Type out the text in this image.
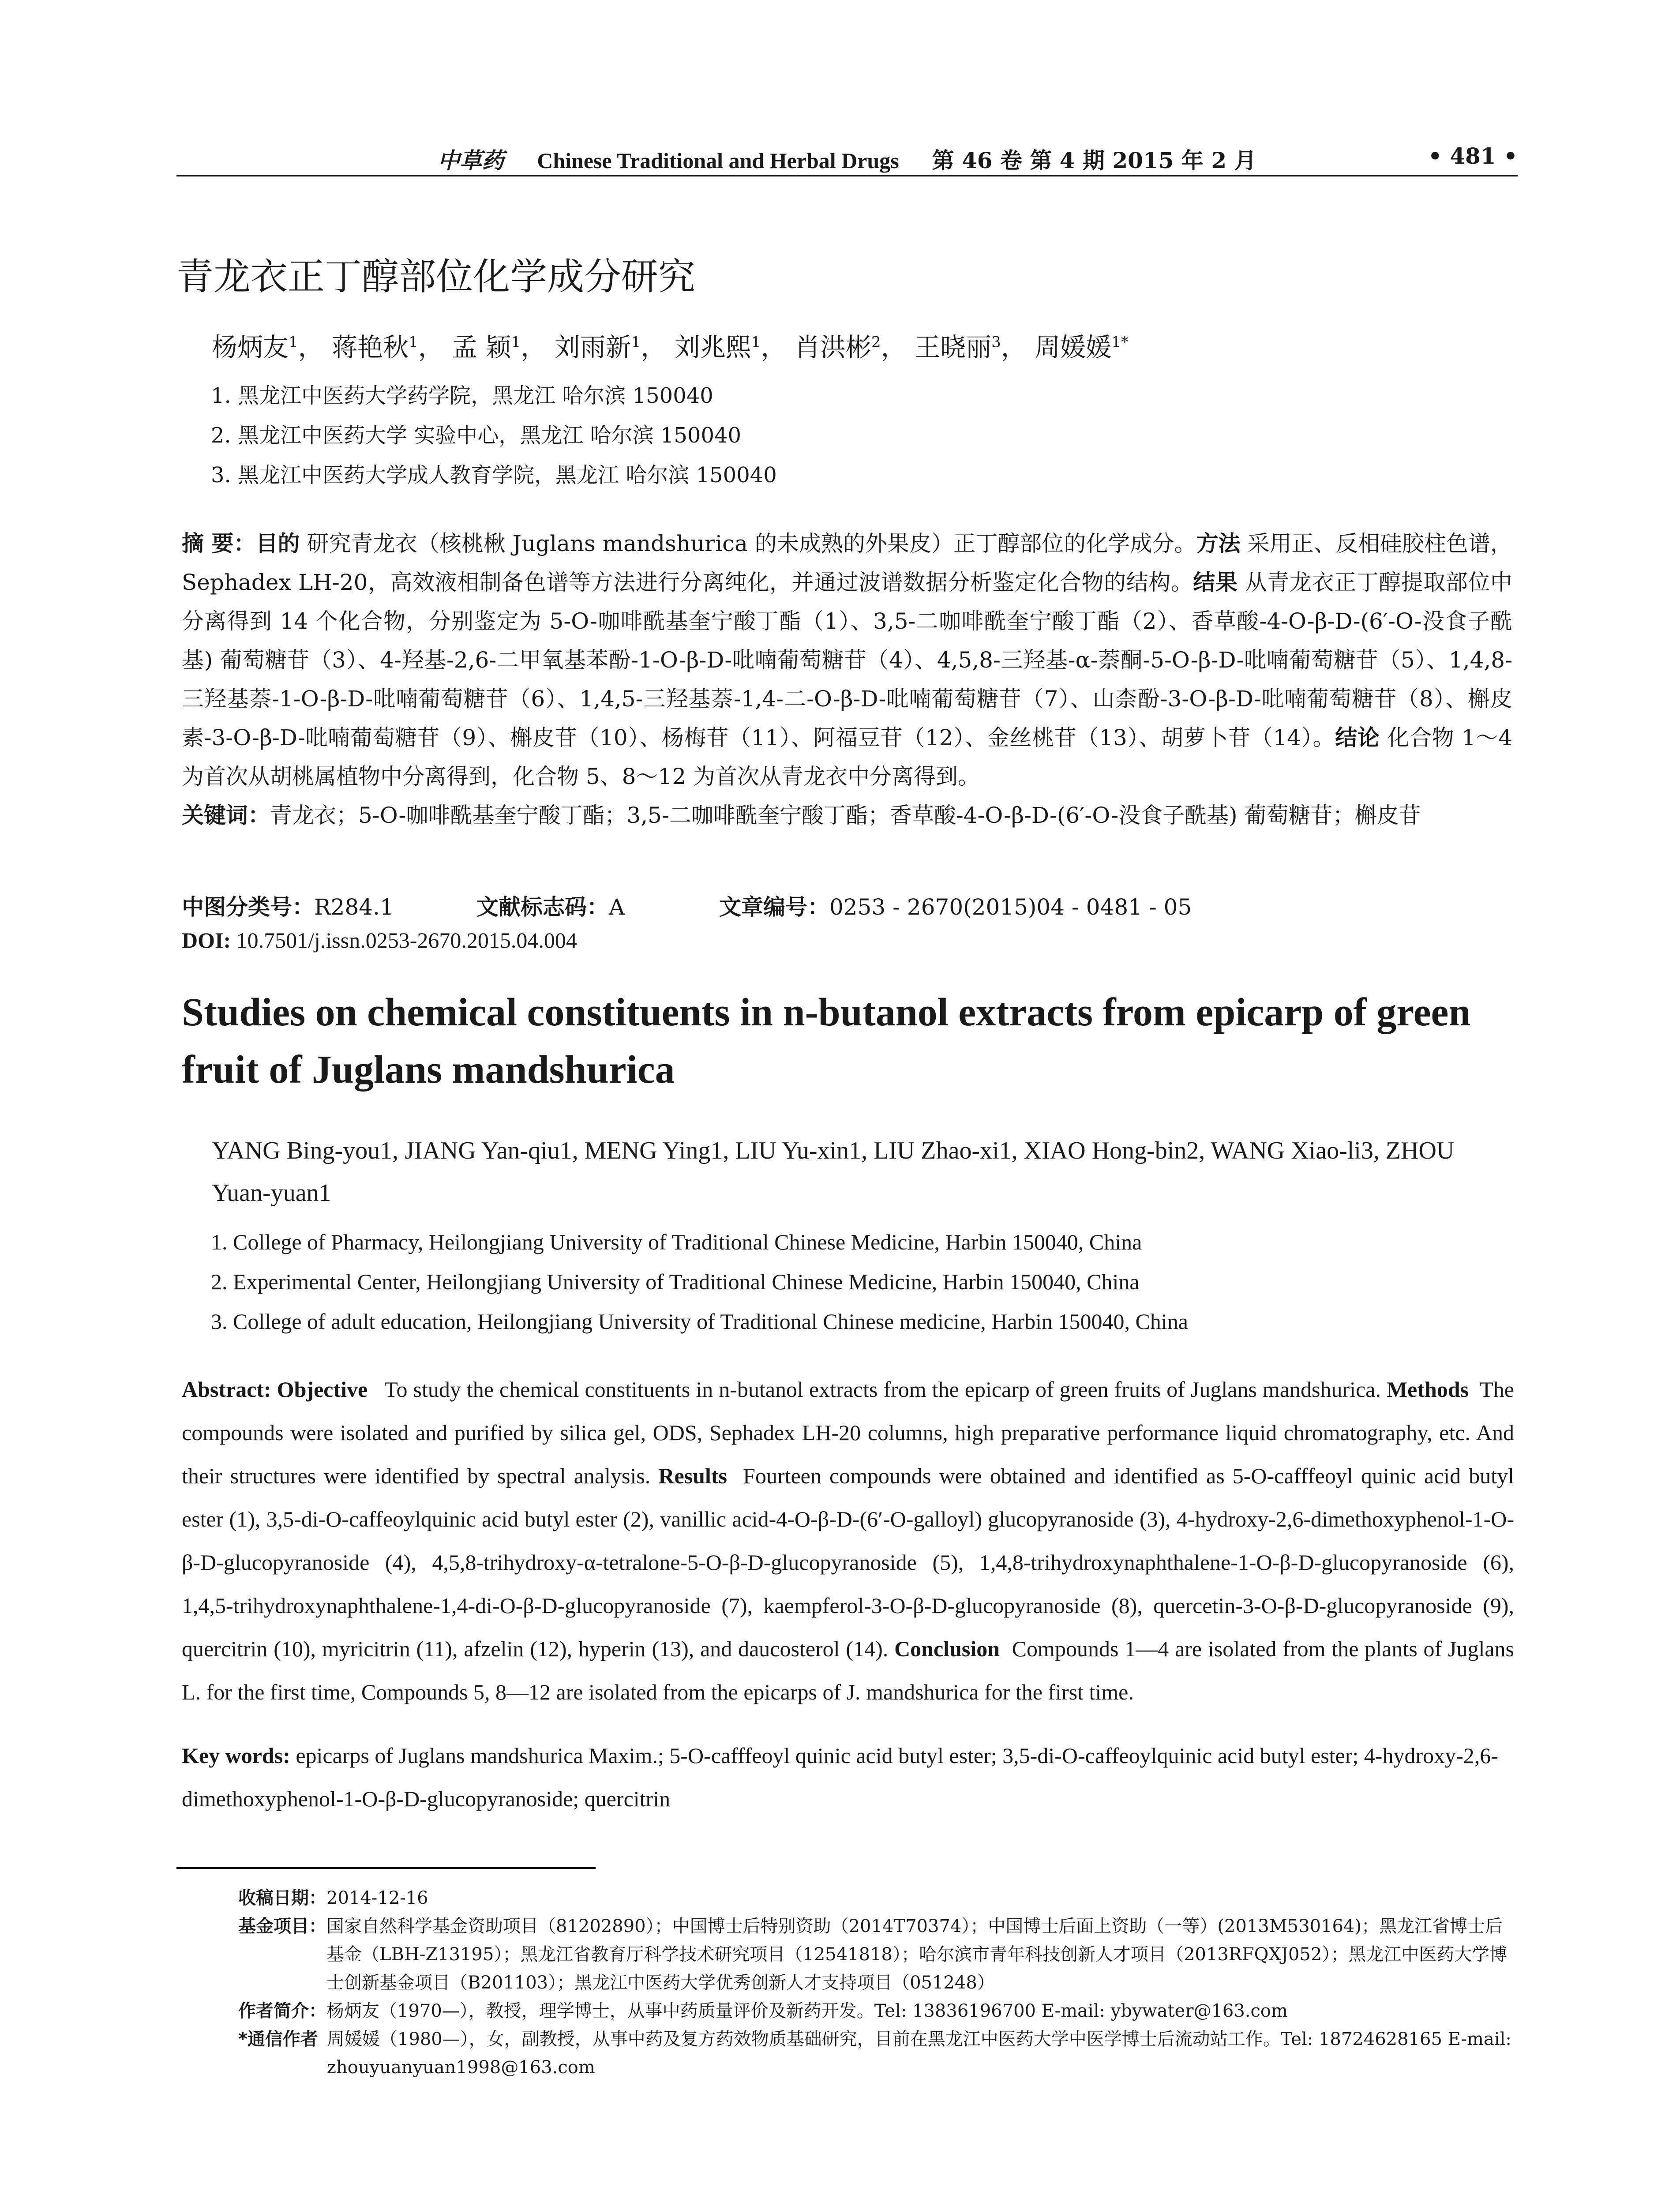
中草药 Chinese Traditional and Herbal Drugs 第 46 卷 第 4 期 2015 年 2 月	• 481 •
青龙衣正丁醇部位化学成分研究
杨炳友$^1$， 蒋艳秋$^1$， 孟 颖$^1$， 刘雨新$^1$， 刘兆熙$^1$， 肖洪彬$^2$， 王晓丽$^3$， 周媛媛$^{1*}$
1. 黑龙江中医药大学药学院，黑龙江 哈尔滨 150040
2. 黑龙江中医药大学 实验中心，黑龙江 哈尔滨 150040
3. 黑龙江中医药大学成人教育学院，黑龙江 哈尔滨 150040
摘 要：目的 研究青龙衣（核桃楸 Juglans mandshurica 的未成熟的外果皮）正丁醇部位的化学成分。方法 采用正、反相硅胶柱色谱，Sephadex LH-20，高效液相制备色谱等方法进行分离纯化，并通过波谱数据分析鉴定化合物的结构。结果 从青龙衣正丁醇提取部位中分离得到 14 个化合物，分别鉴定为 5-O-咖啡酰基奎宁酸丁酯（1）、3,5-二咖啡酰奎宁酸丁酯（2）、香草酸-4-O-β-D-(6′-O-没食子酰基) 葡萄糖苷（3）、4-羟基-2,6-二甲氧基苯酚-1-O-β-D-吡喃葡萄糖苷（4）、4,5,8-三羟基-α-萘酮-5-O-β-D-吡喃葡萄糖苷（5）、1,4,8-三羟基萘-1-O-β-D-吡喃葡萄糖苷（6）、1,4,5-三羟基萘-1,4-二-O-β-D-吡喃葡萄糖苷（7）、山柰酚-3-O-β-D-吡喃葡萄糖苷（8）、槲皮素-3-O-β-D-吡喃葡萄糖苷（9）、槲皮苷（10）、杨梅苷（11）、阿福豆苷（12）、金丝桃苷（13）、胡萝卜苷（14）。结论 化合物 1～4 为首次从胡桃属植物中分离得到，化合物 5、8～12 为首次从青龙衣中分离得到。
关键词：青龙衣；5-O-咖啡酰基奎宁酸丁酯；3,5-二咖啡酰奎宁酸丁酯；香草酸-4-O-β-D-(6′-O-没食子酰基) 葡萄糖苷；槲皮苷
中图分类号：R284.1	文献标志码：A	文章编号：0253 - 2670(2015)04 - 0481 - 05
DOI: 10.7501/j.issn.0253-2670.2015.04.004
Studies on chemical constituents in n-butanol extracts from epicarp of green fruit of Juglans mandshurica
YANG Bing-you1, JIANG Yan-qiu1, MENG Ying1, LIU Yu-xin1, LIU Zhao-xi1, XIAO Hong-bin2, WANG Xiao-li3, ZHOU Yuan-yuan1
1. College of Pharmacy, Heilongjiang University of Traditional Chinese Medicine, Harbin 150040, China
2. Experimental Center, Heilongjiang University of Traditional Chinese Medicine, Harbin 150040, China
3. College of adult education, Heilongjiang University of Traditional Chinese medicine, Harbin 150040, China
Abstract: Objective To study the chemical constituents in n-butanol extracts from the epicarp of green fruits of Juglans mandshurica. Methods The compounds were isolated and purified by silica gel, ODS, Sephadex LH-20 columns, high preparative performance liquid chromatography, etc. And their structures were identified by spectral analysis. Results Fourteen compounds were obtained and identified as 5-O-cafffeoyl quinic acid butyl ester (1), 3,5-di-O-caffeoylquinic acid butyl ester (2), vanillic acid-4-O-β-D-(6′-O-galloyl) glucopyranoside (3), 4-hydroxy-2,6-dimethoxyphenol-1-O-β-D-glucopyranoside (4), 4,5,8-trihydroxy-α-tetralone-5-O-β-D-glucopyranoside (5), 1,4,8-trihydroxynaphthalene-1-O-β-D-glucopyranoside (6), 1,4,5-trihydroxynaphthalene-1,4-di-O-β-D-glucopyranoside (7), kaempferol-3-O-β-D-glucopyranoside (8), quercetin-3-O-β-D-glucopyranoside (9), quercitrin (10), myricitrin (11), afzelin (12), hyperin (13), and daucosterol (14). Conclusion Compounds 1—4 are isolated from the plants of Juglans L. for the first time, Compounds 5, 8—12 are isolated from the epicarps of J. mandshurica for the first time.
Key words: epicarps of Juglans mandshurica Maxim.; 5-O-cafffeoyl quinic acid butyl ester; 3,5-di-O-caffeoylquinic acid butyl ester; 4-hydroxy-2,6-dimethoxyphenol-1-O-β-D-glucopyranoside; quercitrin
收稿日期： 2014-12-16
基金项目： 国家自然科学基金资助项目（81202890）；中国博士后特别资助（2014T70374）；中国博士后面上资助（一等）(2013M530164)；黑龙江省博士后基金（LBH-Z13195）；黑龙江省教育厅科学技术研究项目（12541818）；哈尔滨市青年科技创新人才项目（2013RFQXJ052）；黑龙江中医药大学博士创新基金项目（B201103）；黑龙江中医药大学优秀创新人才支持项目（051248）
作者简介： 杨炳友（1970—），教授，理学博士，从事中药质量评价及新药开发。Tel: 13836196700 E-mail: ybywater@163.com
*通信作者 周媛媛（1980—），女，副教授，从事中药及复方药效物质基础研究，目前在黑龙江中医药大学中医学博士后流动站工作。Tel: 18724628165 E-mail: zhouyuanyuan1998@163.com
